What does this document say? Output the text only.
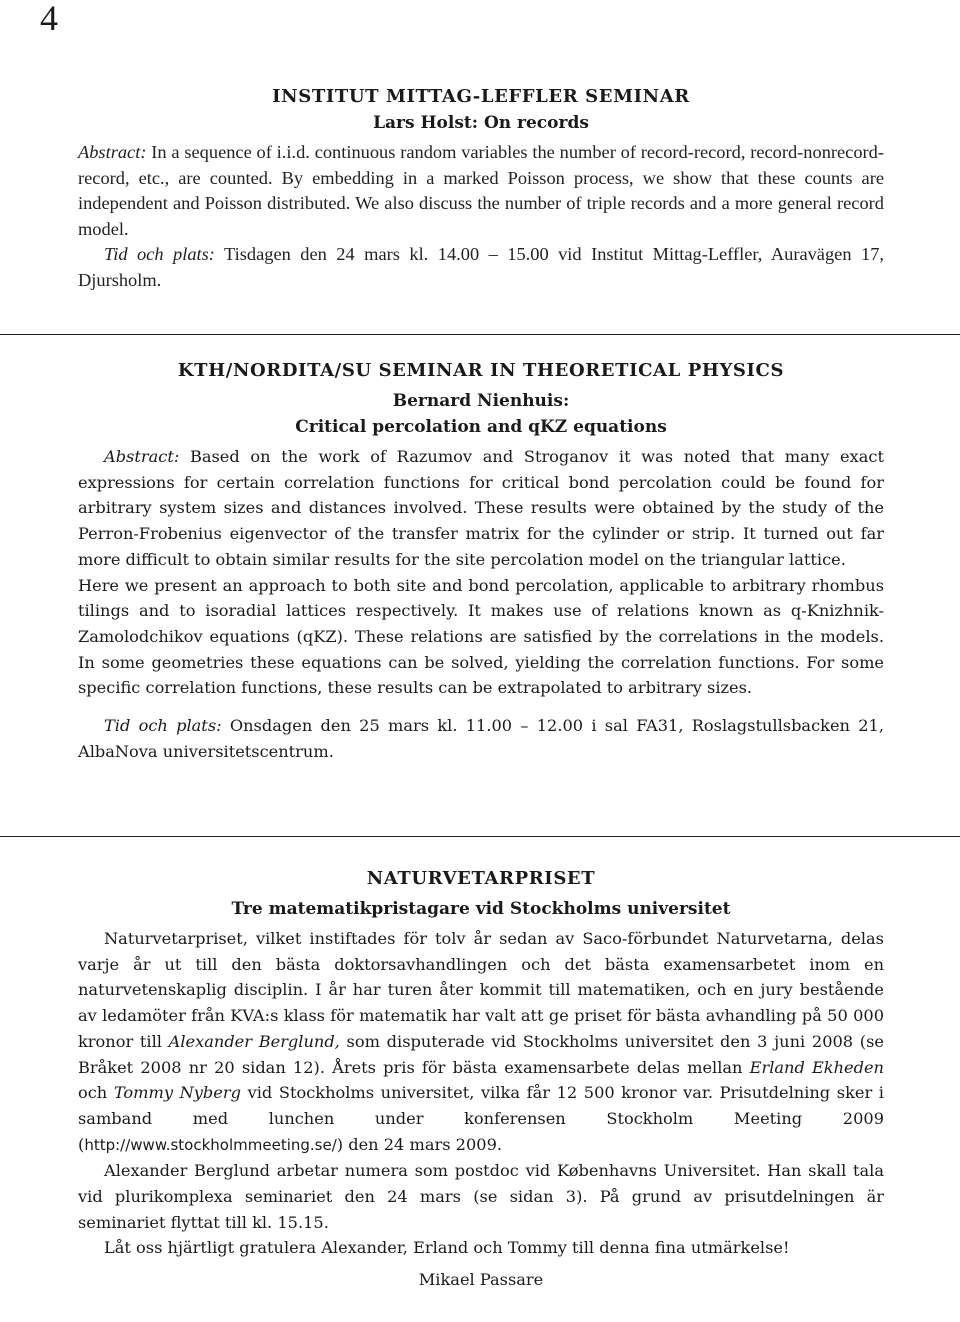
4
INSTITUT MITTAG-LEFFLER SEMINAR
Lars Holst: On records

Abstract: In a sequence of i.i.d. continuous random variables the number of record-record, record-nonrecord-record, etc., are counted. By embedding in a marked Poisson process, we show that these counts are independent and Poisson distributed. We also discuss the number of triple records and a more general record model.

Tid och plats: Tisdagen den 24 mars kl. 14.00 – 15.00 vid Institut Mittag-Leffler, Auravägen 17, Djursholm.

KTH/NORDITA/SU SEMINAR IN THEORETICAL PHYSICS
Bernard Nienhuis:
Critical percolation and qKZ equations

Abstract: Based on the work of Razumov and Stroganov it was noted that many exact expressions for certain correlation functions for critical bond percolation could be found for arbitrary system sizes and distances involved. These results were obtained by the study of the Perron-Frobenius eigenvector of the transfer matrix for the cylinder or strip. It turned out far more difficult to obtain similar results for the site percolation model on the triangular lattice.

Here we present an approach to both site and bond percolation, applicable to arbitrary rhombus tilings and to isoradial lattices respectively. It makes use of relations known as q-Knizhnik-Zamolodchikov equations (qKZ). These relations are satisfied by the correlations in the models. In some geometries these equations can be solved, yielding the correlation functions. For some specific correlation functions, these results can be extrapolated to arbitrary sizes.

Tid och plats: Onsdagen den 25 mars kl. 11.00 – 12.00 i sal FA31, Roslagstullsbacken 21, AlbaNova universitetscentrum.

NATURVETARPRISET
Tre matematikpristagare vid Stockholms universitet

Naturvetarpriset, vilket instiftades för tolv år sedan av Saco-förbundet Naturvetarna, delas varje år ut till den bästa doktorsavhandlingen och det bästa examensarbetet inom en naturvetenskaplig disciplin. I år har turen åter kommit till matematiken, och en jury bestående av ledamöter från KVA:s klass för matematik har valt att ge priset för bästa avhandling på 50 000 kronor till Alexander Berglund, som disputerade vid Stockholms universitet den 3 juni 2008 (se Bråket 2008 nr 20 sidan 12). Årets pris för bästa examensarbete delas mellan Erland Ekheden och Tommy Nyberg vid Stockholms universitet, vilka får 12 500 kronor var. Prisutdelning sker i samband med lunchen under konferensen Stockholm Meeting 2009 (http://www.stockholmmeeting.se/) den 24 mars 2009.

Alexander Berglund arbetar numera som postdoc vid Københavns Universitet. Han skall tala vid plurikomplexa seminariet den 24 mars (se sidan 3). På grund av prisutdelningen är seminariet flyttat till kl. 15.15.

Låt oss hjärtligt gratulera Alexander, Erland och Tommy till denna fina utmärkelse!

Mikael Passare
